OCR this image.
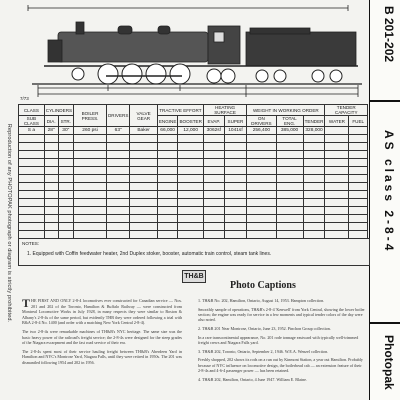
Reproduction of any PHOTOPAK photograph or diagram is strictly prohibited.
B 201-202
AS class 2-8-4
Photopak
7/73
CLASS	CYLINDERS		BOILER PRESS.	DRIVERS	VALVE GEAR	TRACTIVE EFFORT		HEATING SURFACE		WEIGHT IN WORKING ORDER			TENDER CAPACITY	
SUB CLASS	DIA.	STR.				ENGINE	BOOSTER	EVAP.	SUPER	ON DRIVERS	TOTAL ENG.	TENDER	WATER	FUEL
S a	28"	30"	260 psi	63"	Baker	66,000	12,000	3062sf	1041sf	256,400	385,000	328,000		

NOTES:
1. Equipped with Coffin feedwater heater, 2nd Duplex stoker, booster, automatic train control, steam tank lines.
TH&B
Photo Captions

THE FIRST AND ONLY 2-8-4 locomotives ever constructed for Canadian service — Nos. 201 and 202 of the Toronto, Hamilton & Buffalo Railway — were constructed from Montreal Locomotive Works in July 1928, in many respects they were similar to Boston & Albany's 2-8-4s of the same period, but evidently THB they were ordered following a trial with B&A 2-8-4 No. 1400 (and order with a matching New York Central 2-8-4).

The two 2-8-4s were remarkable machines of TH&B's NYC heritage. The same size was the basic heavy power of the railroad's freight service; the 2-8-4s were designed for the steep grades of the Niagara escarpment and the fast road service of their era.

The 2-8-4s spent most of their service hauling freight between TH&B's Aberdeen Yard in Hamilton and NYC's Montrose Yard, Niagara Falls, until they were retired in 1950s. The 201 was dismantled following 1954 and 202 in 1956.

1. TH&B No. 202, Hamilton, Ontario, August 14, 1953. Hampton collection.

Smoothly sample of operations, TH&B's 2-8-4 'Kenwell' from York Central, showing the lower boiler section; the engine was ready for service in a few moments and typical tender colors of the day were also noted.

2. TH&B 201 Near Montrose, Ontario, June 23, 1952. Pinchon Group collection.

In a rare transcontinental appearance, No. 201 rode tonnage eastward with typically well-trimmed freight crews and Niagara Falls yard.

3. TH&B 202, Toronto, Ontario, September 2, 1946. W.E.A. Wenzel collection.

Freshly shopped, 202 shows its rods on a run out by Kinmont Station, a year out Hamilton. Probably because of NYC influence on locomotive design, the boilerhead cab — an extension feature of their 2-8-4s and 4-6-4 passenger power — has been retained.

4. TH&B 202, Hamilton, Ontario, 4 June 1947. William E. Blaine.
